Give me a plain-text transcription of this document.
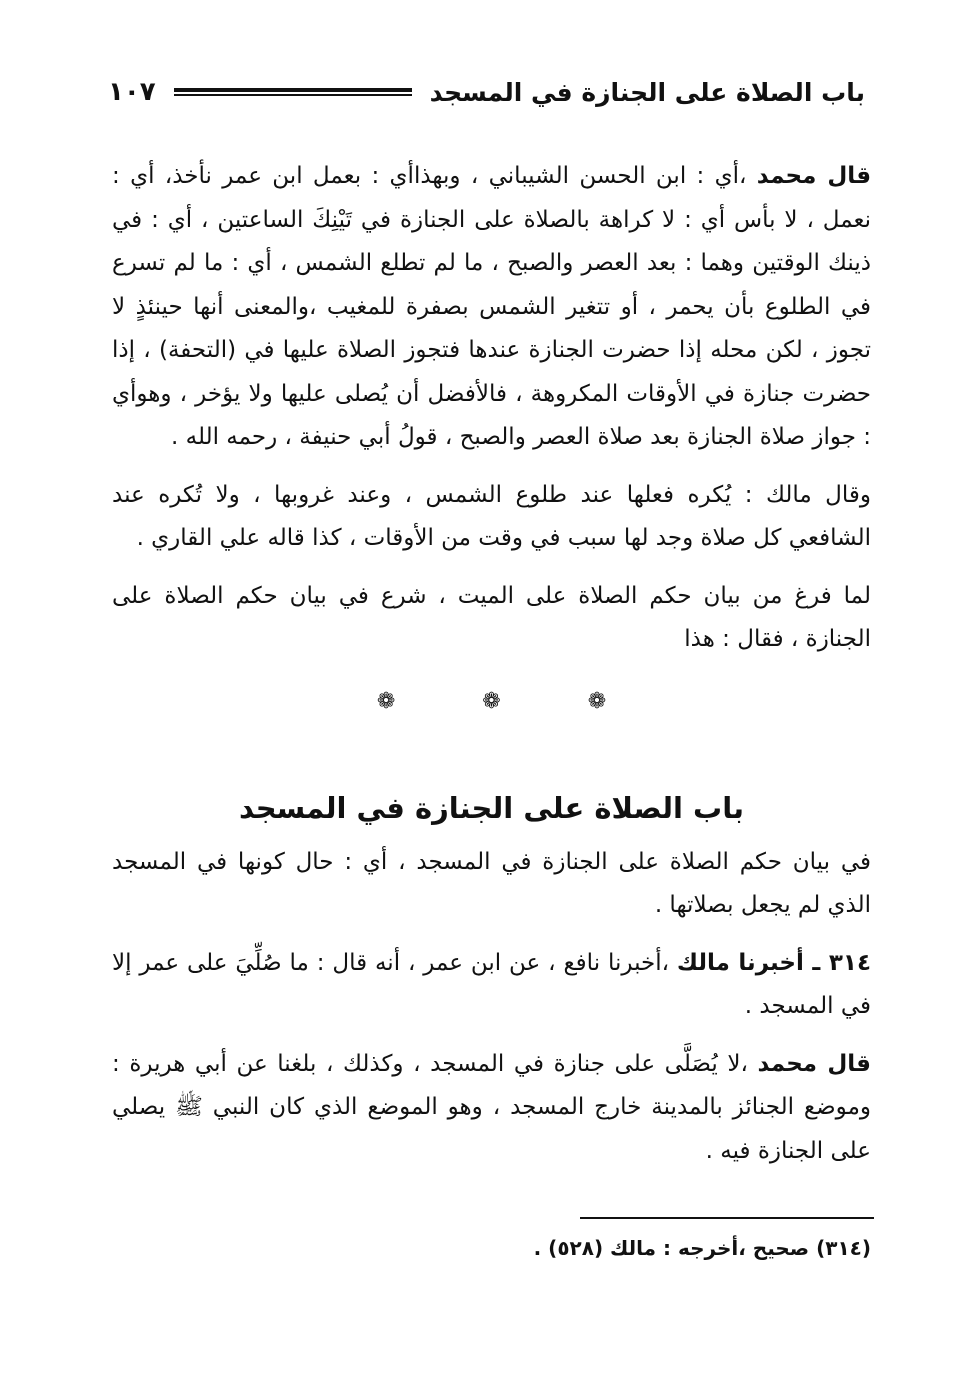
١٠٧	باب الصلاة على الجنازة في المسجد

قال محمد ،أي : ابن الحسن الشيباني ، وبهذاأي : بعمل ابن عمر نأخذ، أي : نعمل ، لا بأس أي : لا كراهة بالصلاة على الجنازة في تَيْنِكَ الساعتين ، أي : في ذينك الوقتين وهما : بعد العصر والصبح ، ما لم تطلع الشمس ، أي : ما لم تسرع في الطلوع بأن يحمر ، أو تتغير الشمس بصفرة للمغيب ،والمعنى أنها حينئذٍ لا تجوز ، لكن محله إذا حضرت الجنازة عندها فتجوز الصلاة عليها في (التحفة) ، إذا حضرت جنازة في الأوقات المكروهة ، فالأفضل أن يُصلى عليها ولا يؤخر ، وهوأي : جواز صلاة الجنازة بعد صلاة العصر والصبح ، قولُ أبي حنيفة ، رحمه الله .

وقال مالك : يُكره فعلها عند طلوع الشمس ، وعند غروبها ، ولا تُكره عند الشافعي كل صلاة وجد لها سبب في وقت من الأوقات ، كذا قاله علي القاري .

لما فرغ من بيان حكم الصلاة على الميت ، شرع في بيان حكم الصلاة على الجنازة ، فقال : هذا

❁ ❁ ❁
باب الصلاة على الجنازة في المسجد

في بيان حكم الصلاة على الجنازة في المسجد ، أي : حال كونها في المسجد الذي لم يجعل بصلاتها .

٣١٤ ـ أخبرنا مالك ،أخبرنا نافع ، عن ابن عمر ، أنه قال : ما صُلِّيَ على عمر إلا في المسجد .

قال محمد ،لا يُصَلَّى على جنازة في المسجد ، وكذلك ، بلغنا عن أبي هريرة : وموضع الجنائز بالمدينة خارج المسجد ، وهو الموضع الذي كان النبي ﷺ يصلي على الجنازة فيه .

(٣١٤) صحيح ،أخرجه : مالك (٥٢٨) .
